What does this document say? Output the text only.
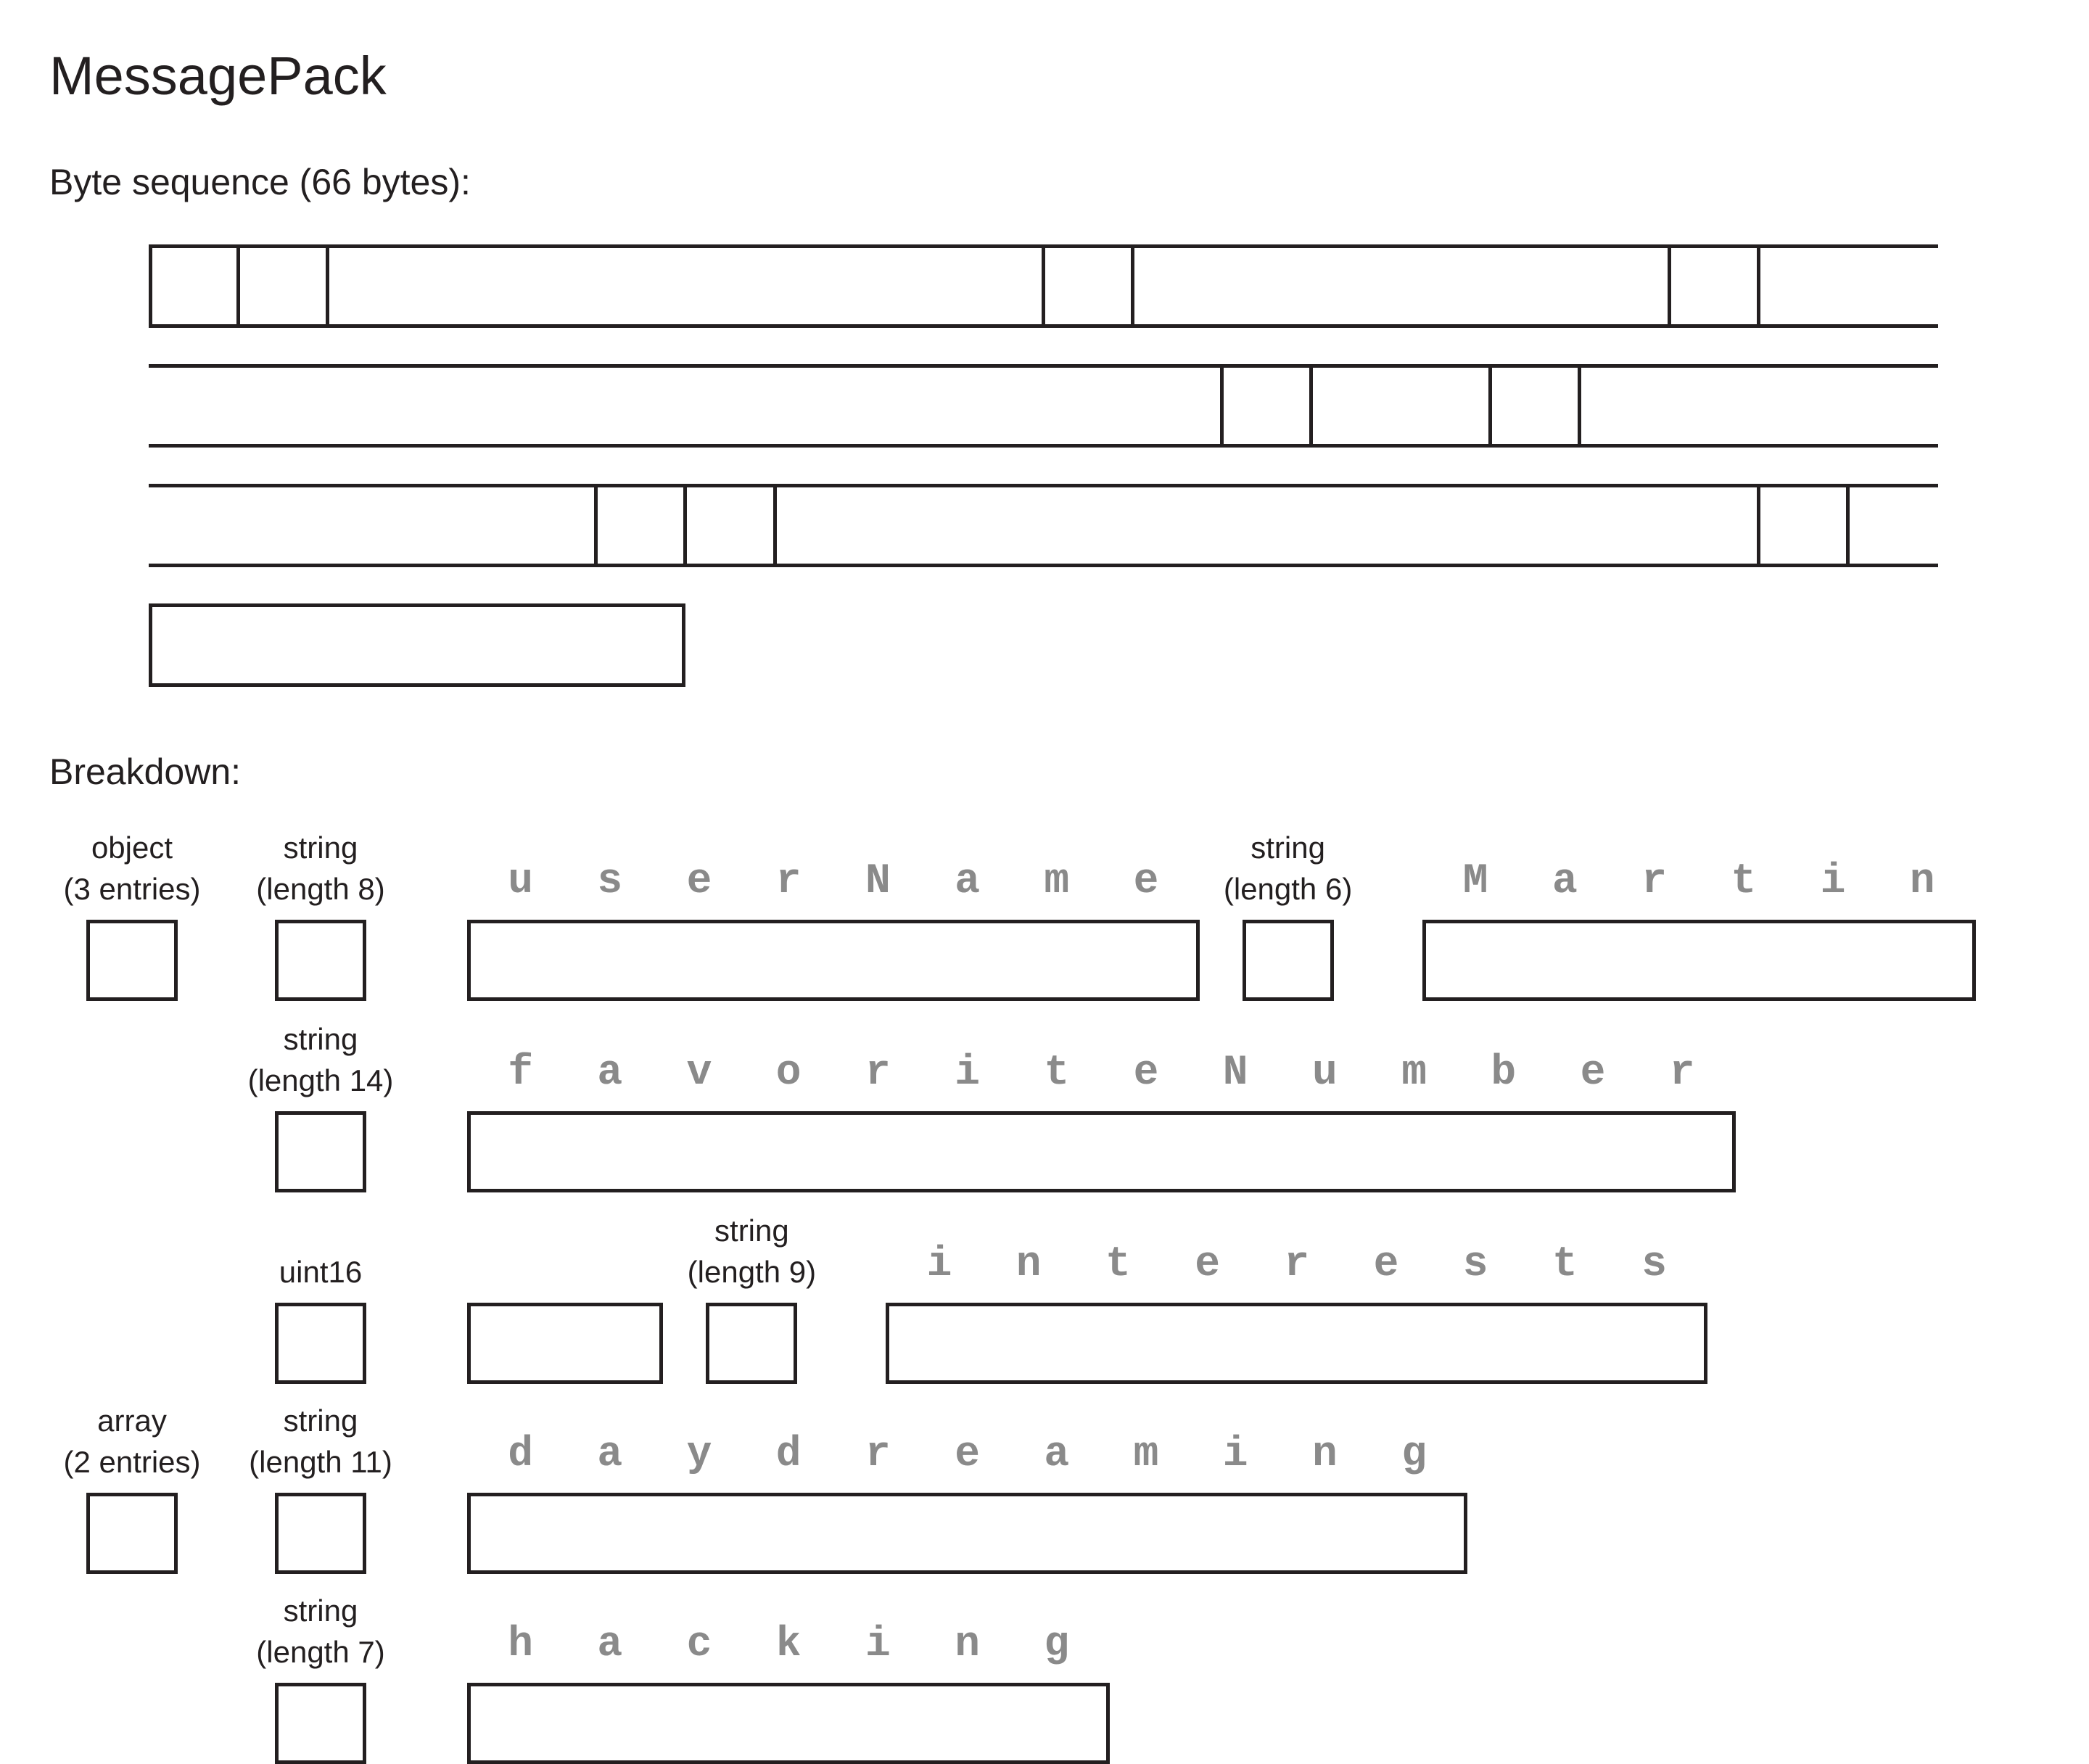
MessagePack
Byte sequence (66 bytes):
Breakdown:
object
(3 entries)
string
(length 8)	u s e r N a m e
string
(length 6)	M a r t i n
string
(length 14)	f a v o r i t e N u m b e r
uint16
string
(length 9)	i n t e r e s t s
array
(2 entries)
string
(length 11)	d a y d r e a m i n g
string
(length 7)	h a c k i n g
